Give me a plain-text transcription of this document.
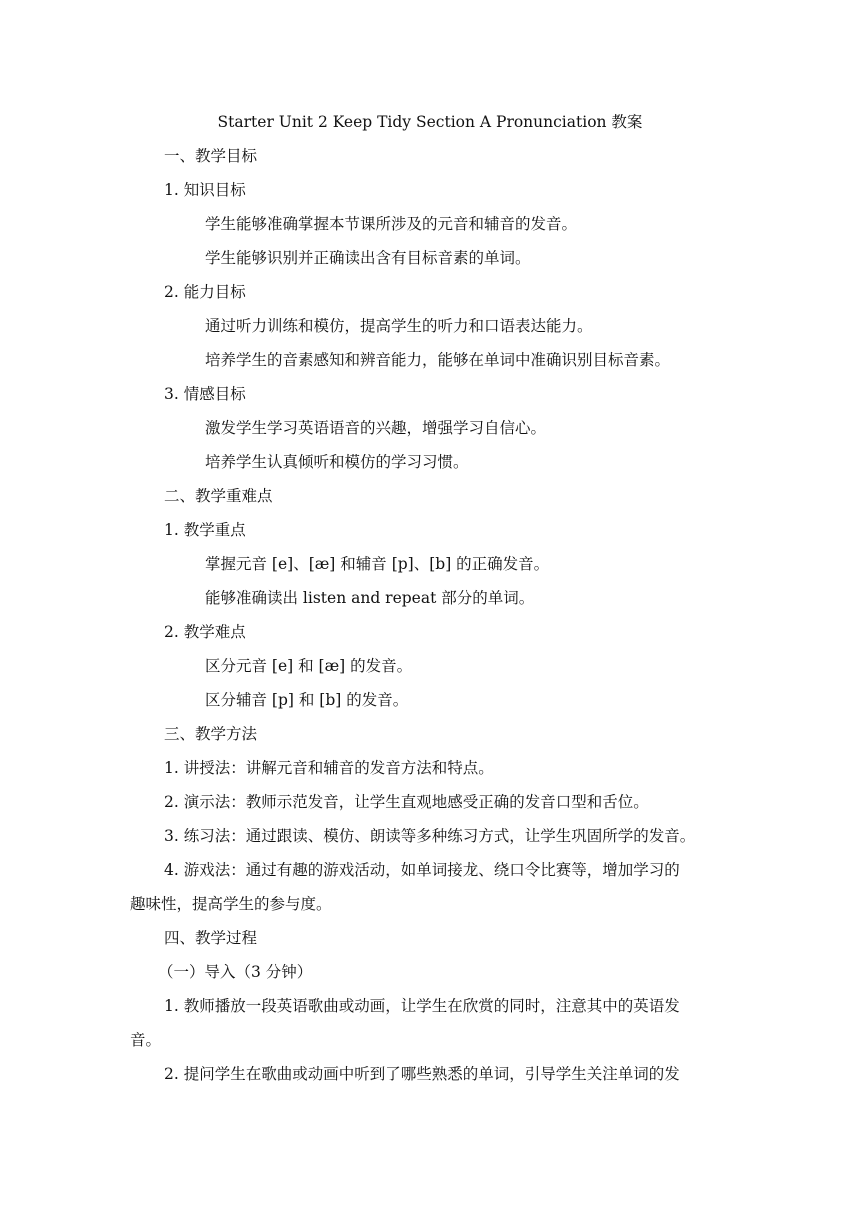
Starter Unit 2 Keep Tidy Section A Pronunciation 教案
一、教学目标
1. 知识目标
学生能够准确掌握本节课所涉及的元音和辅音的发音。
学生能够识别并正确读出含有目标音素的单词。
2. 能力目标
通过听力训练和模仿，提高学生的听力和口语表达能力。
培养学生的音素感知和辨音能力，能够在单词中准确识别目标音素。
3. 情感目标
激发学生学习英语语音的兴趣，增强学习自信心。
培养学生认真倾听和模仿的学习习惯。
二、教学重难点
1. 教学重点
掌握元音 [e]、[æ] 和辅音 [p]、[b] 的正确发音。
能够准确读出 listen and repeat 部分的单词。
2. 教学难点
区分元音 [e] 和 [æ] 的发音。
区分辅音 [p] 和 [b] 的发音。
三、教学方法
1. 讲授法：讲解元音和辅音的发音方法和特点。
2. 演示法：教师示范发音，让学生直观地感受正确的发音口型和舌位。
3. 练习法：通过跟读、模仿、朗读等多种练习方式，让学生巩固所学的发音。
4. 游戏法：通过有趣的游戏活动，如单词接龙、绕口令比赛等，增加学习的
趣味性，提高学生的参与度。
四、教学过程
（一）导入（3 分钟）
1. 教师播放一段英语歌曲或动画，让学生在欣赏的同时，注意其中的英语发
音。
2. 提问学生在歌曲或动画中听到了哪些熟悉的单词，引导学生关注单词的发
